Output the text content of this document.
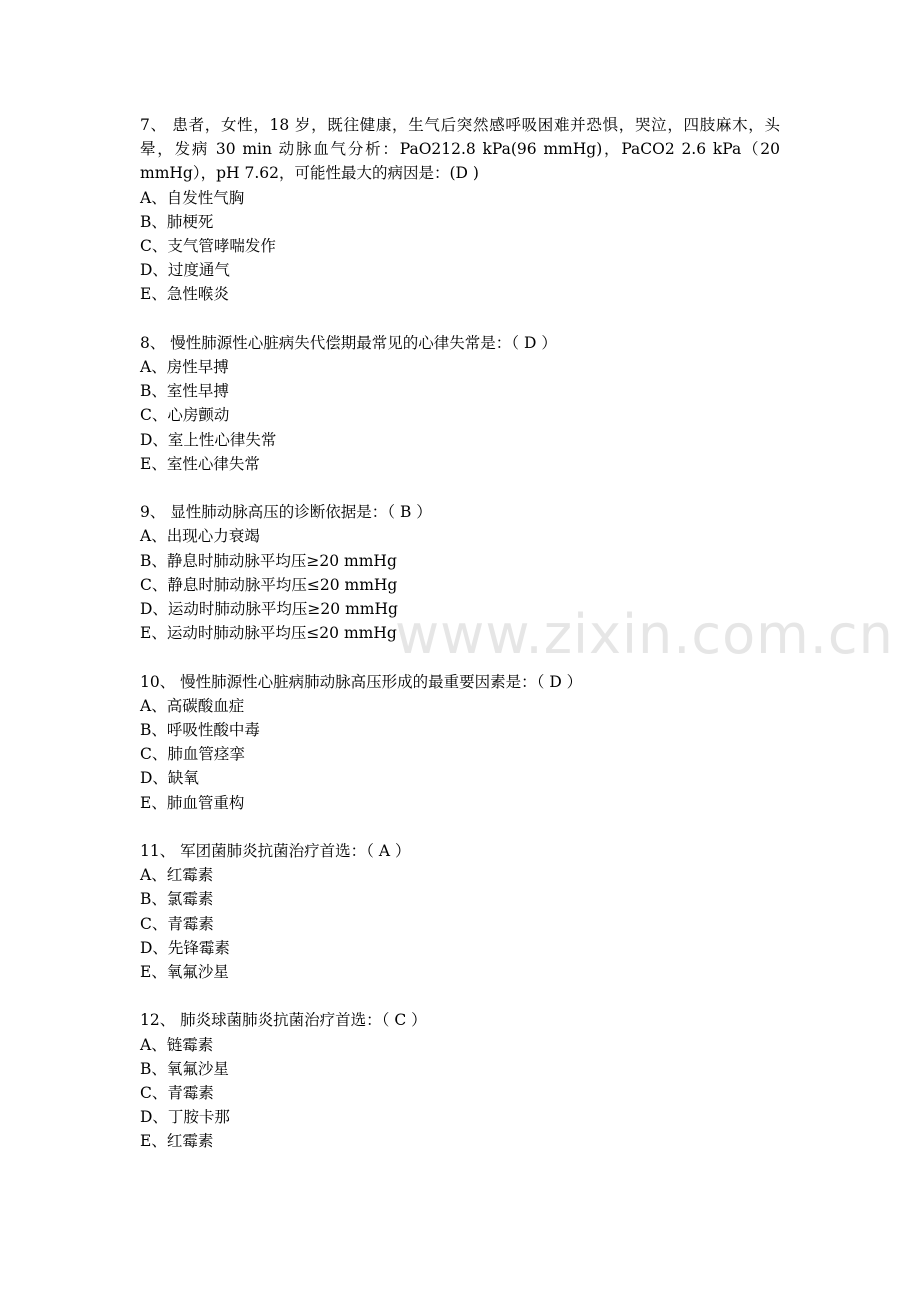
www.zixin.com.cn
7、 患者，女性，18 岁，既往健康，生气后突然感呼吸困难并恐惧，哭泣，四肢麻木，头晕，发病 30 min 动脉血气分析：PaO212.8 kPa(96 mmHg)，PaCO2 2.6 kPa（20 mmHg），pH 7.62，可能性最大的病因是：(D )
A、自发性气胸
B、肺梗死
C、支气管哮喘发作
D、过度通气
E、急性喉炎
8、 慢性肺源性心脏病失代偿期最常见的心律失常是：（ D ）
A、房性早搏
B、室性早搏
C、心房颤动
D、室上性心律失常
E、室性心律失常
9、 显性肺动脉高压的诊断依据是：（ B ）
A、出现心力衰竭
B、静息时肺动脉平均压≥20 mmHg
C、静息时肺动脉平均压≤20 mmHg
D、运动时肺动脉平均压≥20 mmHg
E、运动时肺动脉平均压≤20 mmHg
10、 慢性肺源性心脏病肺动脉高压形成的最重要因素是：（ D ）
A、高碳酸血症
B、呼吸性酸中毒
C、肺血管痉挛
D、缺氧
E、肺血管重构
11、 军团菌肺炎抗菌治疗首选：（ A ）
A、红霉素
B、氯霉素
C、青霉素
D、先锋霉素
E、氧氟沙星
12、 肺炎球菌肺炎抗菌治疗首选：（ C ）
A、链霉素
B、氧氟沙星
C、青霉素
D、丁胺卡那
E、红霉素
